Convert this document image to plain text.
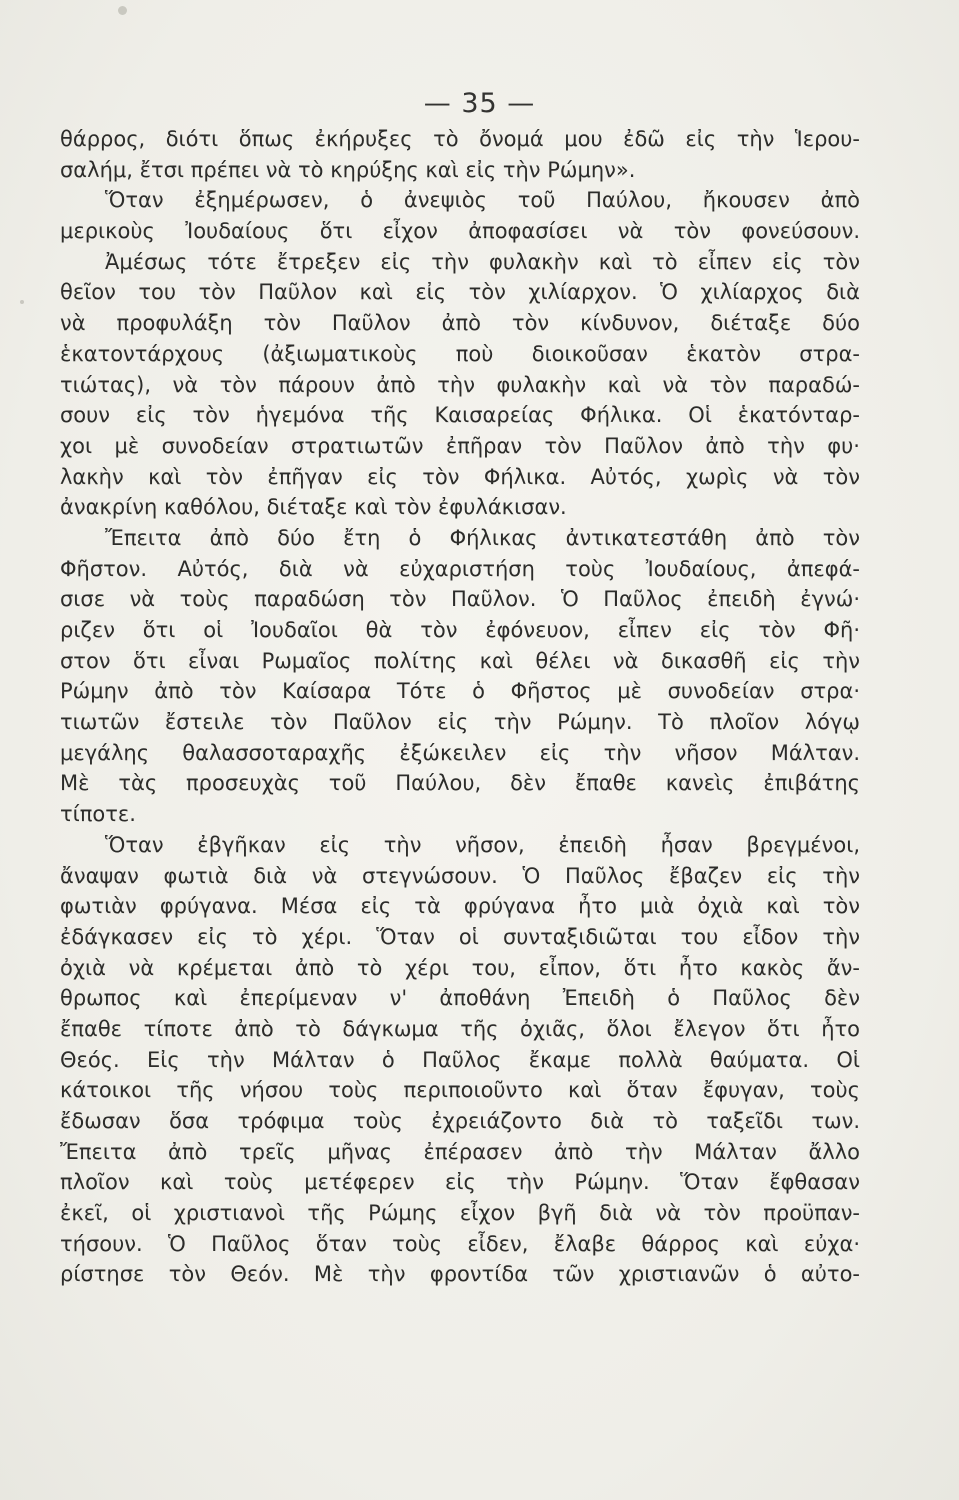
— 35 —
θάρρος, διότι ὅπως ἐκήρυξες τὸ ὄνομά μου ἐδῶ εἰς τὴν Ἱερου-
σαλήμ, ἔτσι πρέπει νὰ τὸ κηρύξης καὶ εἰς τὴν Ρώμην».
Ὅταν ἐξημέρωσεν, ὁ ἀνεψιὸς τοῦ Παύλου, ἤκουσεν ἀπὸ
μερικοὺς Ἰουδαίους ὅτι εἶχον ἀποφασίσει νὰ τὸν φονεύσουν.
Ἀμέσως τότε ἔτρεξεν εἰς τὴν φυλακὴν καὶ τὸ εἶπεν εἰς τὸν
θεῖον του τὸν Παῦλον καὶ εἰς τὸν χιλίαρχον. Ὁ χιλίαρχος διὰ
νὰ προφυλάξη τὸν Παῦλον ἀπὸ τὸν κίνδυνον, διέταξε δύο
ἑκατοντάρχους (ἀξιωματικοὺς ποὺ διοικοῦσαν ἑκατὸν στρα-
τιώτας), νὰ τὸν πάρουν ἀπὸ τὴν φυλακὴν καὶ νὰ τὸν παραδώ-
σουν εἰς τὸν ἡγεμόνα τῆς Καισαρείας Φήλικα. Οἱ ἑκατόνταρ-
χοι μὲ συνοδείαν στρατιωτῶν ἐπῆραν τὸν Παῦλον ἀπὸ τὴν φυ·
λακὴν καὶ τὸν ἐπῆγαν εἰς τὸν Φήλικα. Αὐτός, χωρὶς νὰ τὸν
ἀνακρίνη καθόλου, διέταξε καὶ τὸν ἐφυλάκισαν.
Ἔπειτα ἀπὸ δύο ἔτη ὁ Φήλικας ἀντικατεστάθη ἀπὸ τὸν
Φῆστον. Αὐτός, διὰ νὰ εὐχαριστήση τοὺς Ἰουδαίους, ἀπεφά-
σισε νὰ τοὺς παραδώση τὸν Παῦλον. Ὁ Παῦλος ἐπειδὴ ἐγνώ·
ριζεν ὅτι οἱ Ἰουδαῖοι θὰ τὸν ἐφόνευον, εἶπεν εἰς τὸν Φῆ·
στον ὅτι εἶναι Ρωμαῖος πολίτης καὶ θέλει νὰ δικασθῆ εἰς τὴν
Ρώμην ἀπὸ τὸν Καίσαρα Τότε ὁ Φῆστος μὲ συνοδείαν στρα·
τιωτῶν ἔστειλε τὸν Παῦλον εἰς τὴν Ρώμην. Τὸ πλοῖον λόγῳ
μεγάλης θαλασσοταραχῆς ἐξώκειλεν εἰς τὴν νῆσον Μάλταν.
Μὲ τὰς προσευχὰς τοῦ Παύλου, δὲν ἔπαθε κανεὶς ἐπιβάτης
τίποτε.
Ὅταν ἐβγῆκαν εἰς τὴν νῆσον, ἐπειδὴ ἦσαν βρεγμένοι,
ἄναψαν φωτιὰ διὰ νὰ στεγνώσουν. Ὁ Παῦλος ἔβαζεν εἰς τὴν
φωτιὰν φρύγανα. Μέσα εἰς τὰ φρύγανα ἦτο μιὰ ὀχιὰ καὶ τὸν
ἐδάγκασεν εἰς τὸ χέρι. Ὅταν οἱ συνταξιδιῶται του εἶδον τὴν
ὀχιὰ νὰ κρέμεται ἀπὸ τὸ χέρι του, εἶπον, ὅτι ἦτο κακὸς ἄν-
θρωπος καὶ ἐπερίμεναν ν' ἀποθάνη Ἐπειδὴ ὁ Παῦλος δὲν
ἔπαθε τίποτε ἀπὸ τὸ δάγκωμα τῆς ὀχιᾶς, ὅλοι ἔλεγον ὅτι ἦτο
Θεός. Εἰς τὴν Μάλταν ὁ Παῦλος ἔκαμε πολλὰ θαύματα. Οἱ
κάτοικοι τῆς νήσου τοὺς περιποιοῦντο καὶ ὅταν ἔφυγαν, τοὺς
ἔδωσαν ὅσα τρόφιμα τοὺς ἐχρειάζοντο διὰ τὸ ταξεῖδι των.
Ἔπειτα ἀπὸ τρεῖς μῆνας ἐπέρασεν ἀπὸ τὴν Μάλταν ἄλλο
πλοῖον καὶ τοὺς μετέφερεν εἰς τὴν Ρώμην. Ὅταν ἔφθασαν
ἐκεῖ, οἱ χριστιανοὶ τῆς Ρώμης εἶχον βγῆ διὰ νὰ τὸν προϋπαν-
τήσουν. Ὁ Παῦλος ὅταν τοὺς εἶδεν, ἔλαβε θάρρος καὶ εὐχα·
ρίστησε τὸν Θεόν. Μὲ τὴν φροντίδα τῶν χριστιανῶν ὁ αὐτο-
